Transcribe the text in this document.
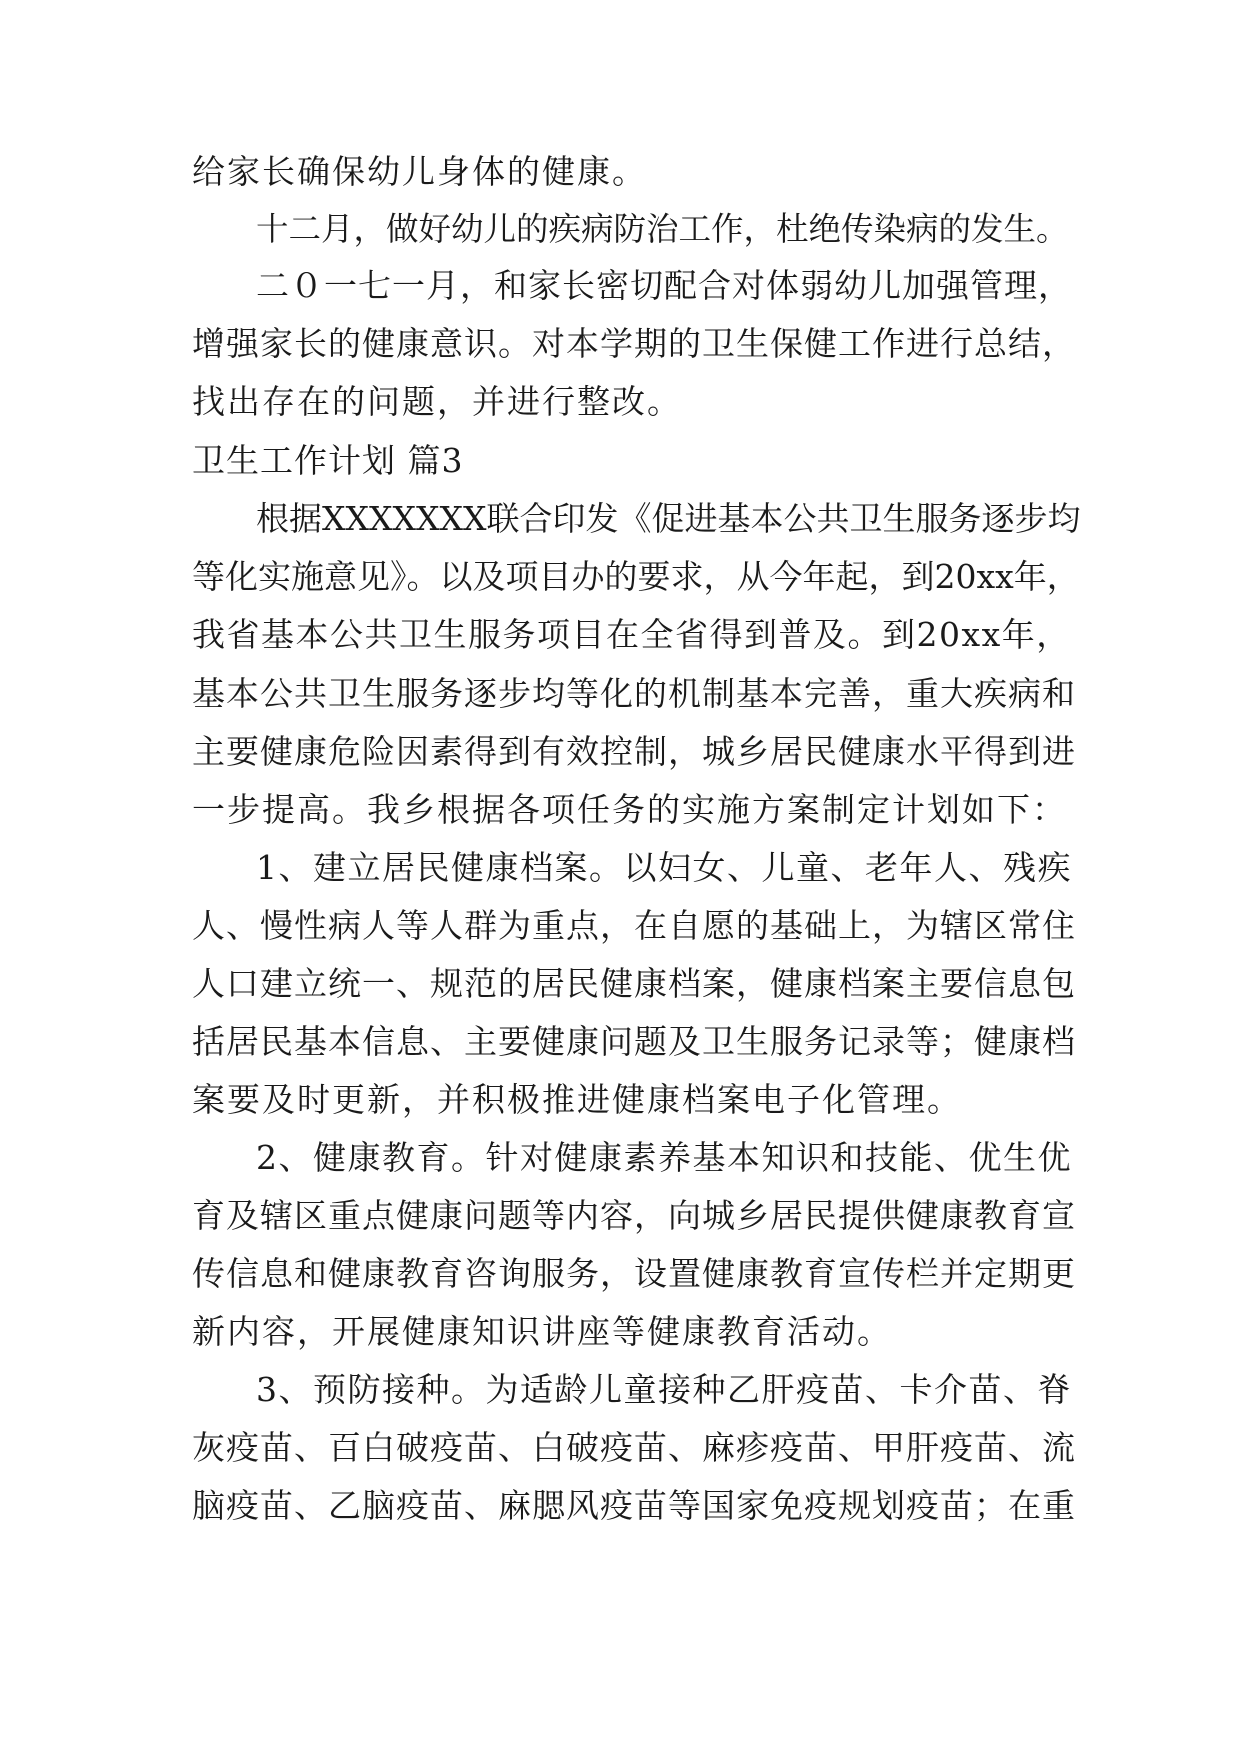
给家长确保幼儿身体的健康。
十二月，做好幼儿的疾病防治工作，杜绝传染病的发生。
二０一七一月，和家长密切配合对体弱幼儿加强管理，
增强家长的健康意识。对本学期的卫生保健工作进行总结，
找出存在的问题，并进行整改。
卫生工作计划 篇3
根据XXXXXXX联合印发《促进基本公共卫生服务逐步均
等化实施意见》。以及项目办的要求，从今年起，到20xx年，
我省基本公共卫生服务项目在全省得到普及。到20xx年，
基本公共卫生服务逐步均等化的机制基本完善，重大疾病和
主要健康危险因素得到有效控制，城乡居民健康水平得到进
一步提高。我乡根据各项任务的实施方案制定计划如下：
1、建立居民健康档案。以妇女、儿童、老年人、残疾
人、慢性病人等人群为重点，在自愿的基础上，为辖区常住
人口建立统一、规范的居民健康档案，健康档案主要信息包
括居民基本信息、主要健康问题及卫生服务记录等；健康档
案要及时更新，并积极推进健康档案电子化管理。
2、健康教育。针对健康素养基本知识和技能、优生优
育及辖区重点健康问题等内容，向城乡居民提供健康教育宣
传信息和健康教育咨询服务，设置健康教育宣传栏并定期更
新内容，开展健康知识讲座等健康教育活动。
3、预防接种。为适龄儿童接种乙肝疫苗、卡介苗、脊
灰疫苗、百白破疫苗、白破疫苗、麻疹疫苗、甲肝疫苗、流
脑疫苗、乙脑疫苗、麻腮风疫苗等国家免疫规划疫苗；在重
